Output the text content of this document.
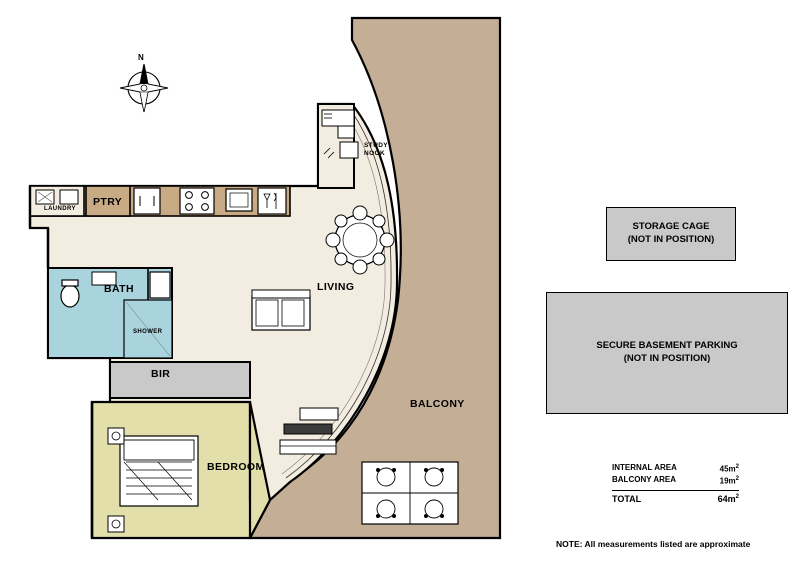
N
LAUNDRY
PTRY
STUDY
NOOK
LIVING
BATH
SHOWER
BIR
BEDROOM
BALCONY
STORAGE CAGE
(NOT IN POSITION)
SECURE BASEMENT PARKING
(NOT IN POSITION)
INTERNAL AREA	$45m^2$
BALCONY AREA	$19m^2$
TOTAL	$64m^2$
NOTE: All measurements listed are approximate
